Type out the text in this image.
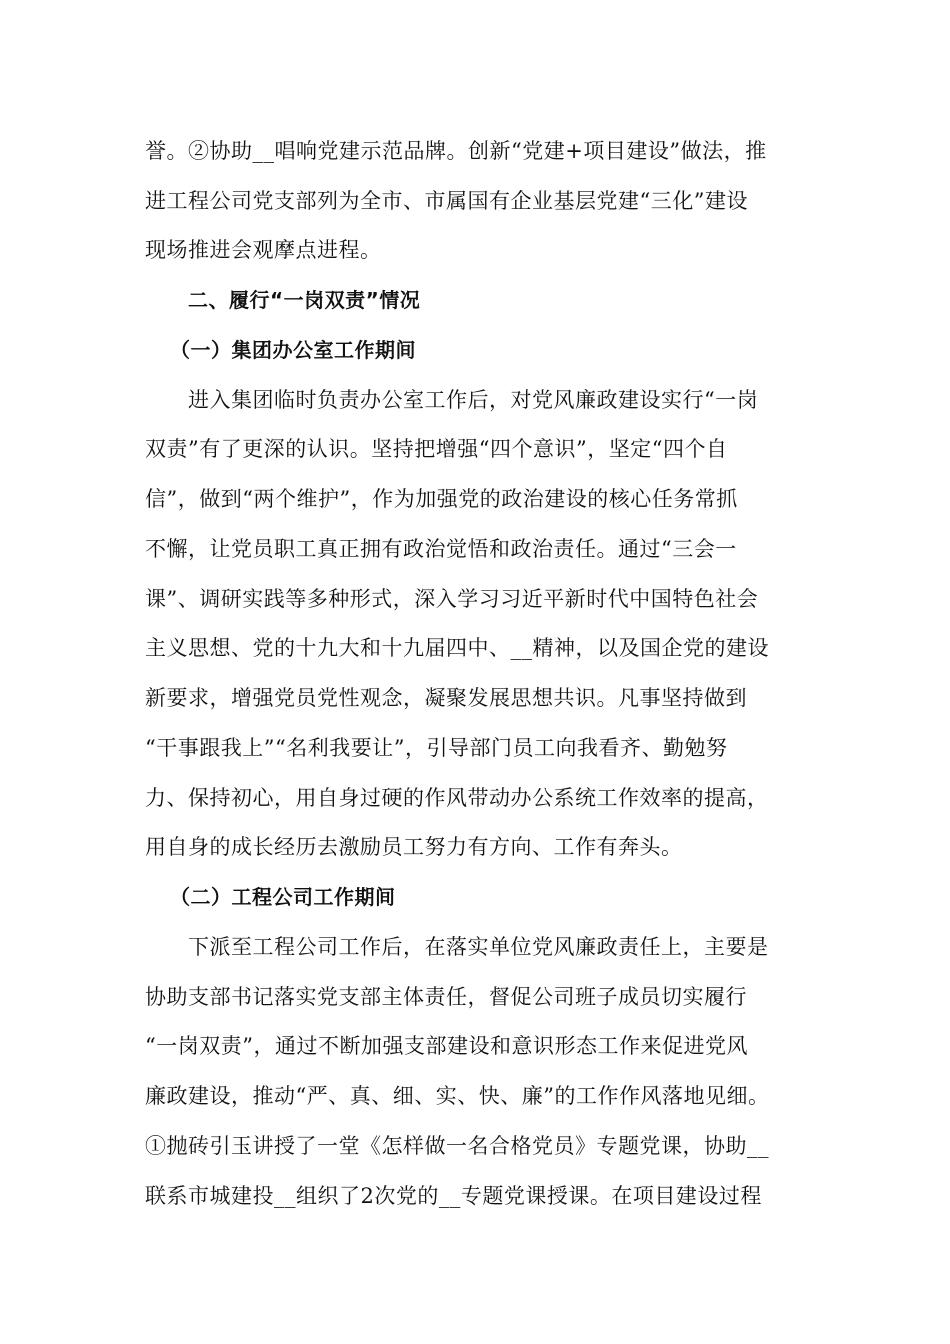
誉。②协助__唱响党建示范品牌。创新“党建+项目建设”做法，推
进工程公司党支部列为全市、市属国有企业基层党建“三化”建设
现场推进会观摩点进程。
二、履行“一岗双责”情况
（一）集团办公室工作期间
进入集团临时负责办公室工作后，对党风廉政建设实行“一岗
双责”有了更深的认识。坚持把增强“四个意识”，坚定“四个自
信”，做到“两个维护”，作为加强党的政治建设的核心任务常抓
不懈，让党员职工真正拥有政治觉悟和政治责任。通过“三会一
课”、调研实践等多种形式，深入学习习近平新时代中国特色社会
主义思想、党的十九大和十九届四中、__精神，以及国企党的建设
新要求，增强党员党性观念，凝聚发展思想共识。凡事坚持做到
“干事跟我上”“名利我要让”，引导部门员工向我看齐、勤勉努
力、保持初心，用自身过硬的作风带动办公系统工作效率的提高，
用自身的成长经历去激励员工努力有方向、工作有奔头。
（二）工程公司工作期间
下派至工程公司工作后，在落实单位党风廉政责任上，主要是
协助支部书记落实党支部主体责任，督促公司班子成员切实履行
“一岗双责”，通过不断加强支部建设和意识形态工作来促进党风
廉政建设，推动“严、真、细、实、快、廉”的工作作风落地见细。
①抛砖引玉讲授了一堂《怎样做一名合格党员》专题党课，协助__
联系市城建投__组织了2次党的__专题党课授课。在项目建设过程
